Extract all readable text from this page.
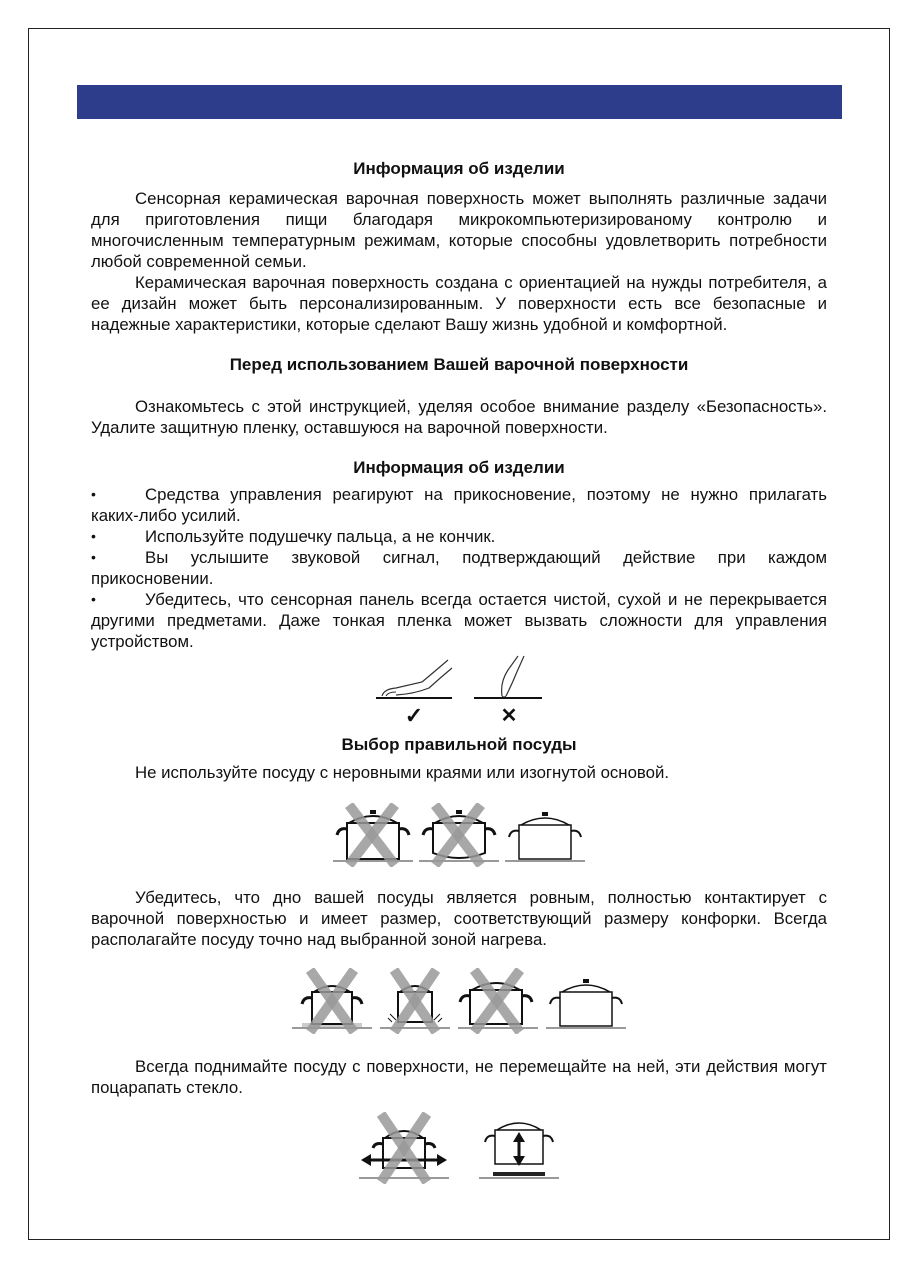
Информация об изделии

Сенсорная керамическая варочная поверхность может выполнять различные задачи для приготовления пищи благодаря микрокомпьютеризированому контролю и многочисленным температурным режимам, которые способны удовлетворить потребности любой современной семьи.

Керамическая варочная поверхность создана с ориентацией на нужды потребителя, а ее дизайн может быть персонализированным. У поверхности есть все безопасные и надежные характеристики, которые сделают Вашу жизнь удобной и комфортной.

Перед использованием Вашей варочной поверхности

Ознакомьтесь с этой инструкцией, уделяя особое внимание разделу «Безопасность». Удалите защитную пленку, оставшуюся на варочной поверхности.

Информация об изделии

•	Средства управления реагируют на прикосновение, поэтому не нужно прилагать каких-либо усилий.

•	Используйте подушечку пальца, а не кончик.

•	Вы услышите звуковой сигнал, подтверждающий действие при каждом прикосновении.

•	Убедитесь, что сенсорная панель всегда остается чистой, сухой и не перекрывается другими предметами. Даже тонкая пленка может вызвать сложности для управления устройством.

✓	✕
Выбор правильной посуды

Не используйте посуду с неровными краями или изогнутой основой.

Убедитесь, что дно вашей посуды является ровным, полностью контактирует с варочной поверхностью и имеет размер, соответствующий размеру конфорки. Всегда располагайте посуду точно над выбранной зоной нагрева.

Всегда поднимайте посуду с поверхности, не перемещайте на ней, эти действия могут поцарапать стекло.
